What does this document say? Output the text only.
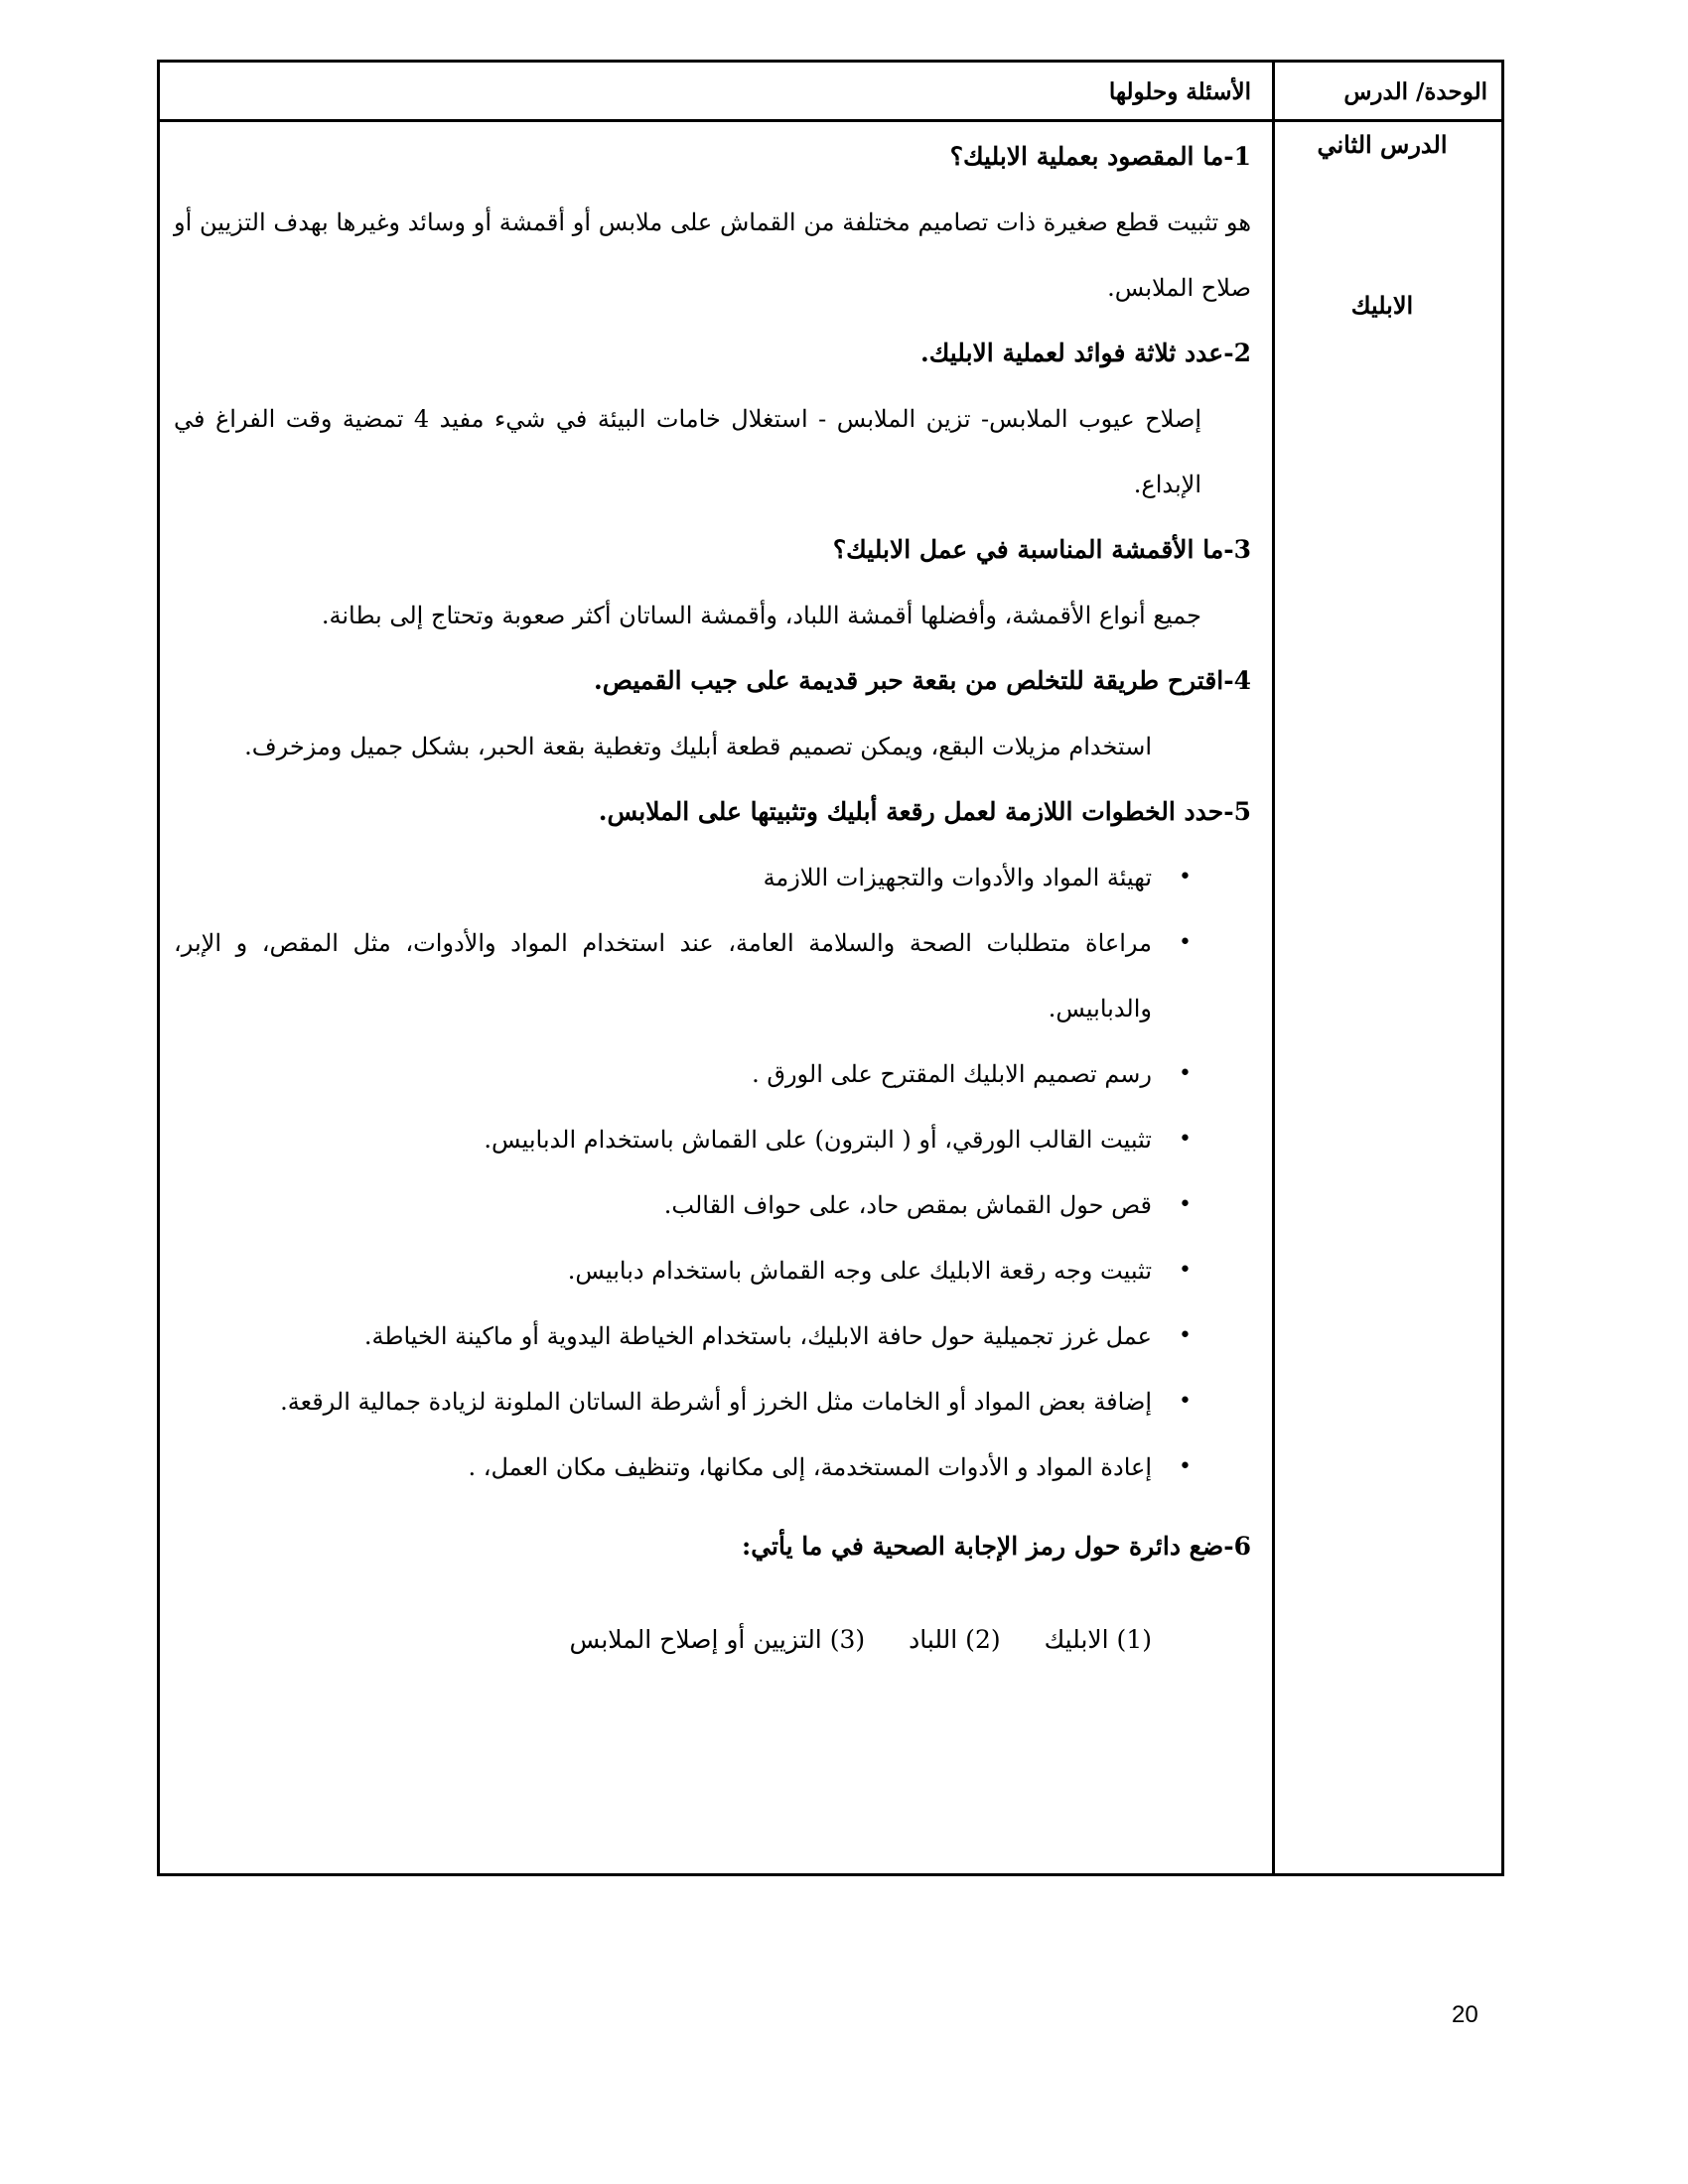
الوحدة/ الدرس
الأسئلة وحلولها
الدرس الثاني
الابليك
1-ما المقصود بعملية الابليك؟
هو تثبيت قطع صغيرة ذات تصاميم مختلفة من القماش على ملابس أو أقمشة أو وسائد وغيرها بهدف التزيين أو صلاح الملابس.
2-عدد ثلاثة فوائد لعملية الابليك.
إصلاح عيوب الملابس- تزين الملابس - استغلال خامات البيئة في شيء مفيد 4 تمضية وقت الفراغ في الإبداع.
3-ما الأقمشة المناسبة في عمل الابليك؟
جميع أنواع الأقمشة، وأفضلها أقمشة اللباد، وأقمشة الساتان أكثر صعوبة وتحتاج إلى بطانة.
4-اقترح طريقة للتخلص من بقعة حبر قديمة على جيب القميص.
استخدام مزيلات البقع، ويمكن تصميم قطعة أبليك وتغطية بقعة الحبر، بشكل جميل ومزخرف.
5-حدد الخطوات اللازمة لعمل رقعة أبليك وتثبيتها على الملابس.
•
تهيئة المواد والأدوات والتجهيزات اللازمة
•
مراعاة متطلبات الصحة والسلامة العامة، عند استخدام المواد والأدوات، مثل المقص، و الإبر، والدبابيس.
•
رسم تصميم الابليك المقترح على الورق .
•
تثبيت القالب الورقي، أو ( البترون) على القماش باستخدام الدبابيس.
•
قص حول القماش بمقص حاد، على حواف القالب.
•
تثبيت وجه رقعة الابليك على وجه القماش باستخدام دبابيس.
•
عمل غرز تجميلية حول حافة الابليك، باستخدام الخياطة اليدوية أو ماكينة الخياطة.
•
إضافة بعض المواد أو الخامات مثل الخرز أو أشرطة الساتان الملونة لزيادة جمالية الرقعة.
•
إعادة المواد و الأدوات المستخدمة، إلى مكانها، وتنظيف مكان العمل، .
6-ضع دائرة حول رمز الإجابة الصحية في ما يأتي:
(1) الابليك (2) اللباد (3) التزيين أو إصلاح الملابس
20
